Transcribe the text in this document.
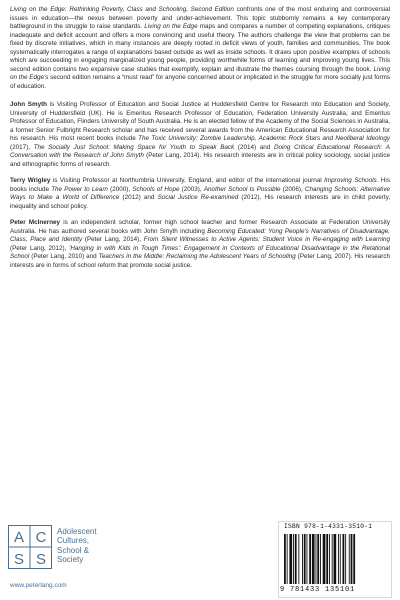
Living on the Edge: Rethinking Poverty, Class and Schooling, Second Edition confronts one of the most enduring and controversial issues in education—the nexus between poverty and under-achievement. This topic stubbornly remains a key contemporary battleground in the struggle to raise standards. Living on the Edge maps and compares a number of competing explanations, critiques inadequate and deficit account and offers a more convincing and useful theory. The authors challenge the view that problems can be fixed by discrete initiatives, which in many instances are deeply rooted in deficit views of youth, families and communities. The book systematically interrogates a range of explanations based outside as well as inside schools. It draws upon positive examples of schools which are succeeding in engaging marginalized young people, providing worthwhile forms of learning and improving young lives. This second edition contains two expansive case studies that exemplify, explain and illustrate the themes coursing through the book. Living on the Edge's second edition remains a “must read” for anyone concerned about or implicated in the struggle for more socially just forms of education.

John Smyth is Visiting Professor of Education and Social Justice at Huddersfield Centre for Research into Education and Society, University of Huddersfield (UK). He is Emeritus Research Professor of Education, Federation University Australia, and Emeritus Professor of Education, Flinders University of South Australia. He is an elected fellow of the Academy of the Social Sciences in Australia, a former Senior Fulbright Research scholar and has received several awards from the American Educational Research Association for his research. His most recent books include The Toxic University: Zombie Leadership, Academic Rock Stars and Neoliberal Ideology (2017), The Socially Just School: Making Space for Youth to Speak Back (2014) and Doing Critical Educational Research: A Conversation with the Research of John Smyth (Peter Lang, 2014). His research interests are in critical policy sociology, social justice and ethnographic forms of research.

Terry Wrigley is Visiting Professor at Northumbria University, England, and editor of the international journal Improving Schools. His books include The Power to Learn (2000), Schools of Hope (2003), Another School Is Possible (2006), Changing Schools: Alternative Ways to Make a World of Difference (2012) and Social Justice Re-examined (2012). His research interests are in child poverty, inequality and school policy.

Peter McInerney is an independent scholar, former high school teacher and former Research Associate at Federation University Australia. He has authored several books with John Smyth including Becoming Educated: Yong People's Narratives of Disadvantage, Class, Place and Identity (Peter Lang, 2014), From Silent Witnesses to Active Agents: Student Voice in Re-engaging with Learning (Peter Lang, 2012), 'Hanging in with Kids in Tough Times': Engagement in Contexts of Educational Disadvantage in the Relational School (Peter Lang, 2010) and Teachers in the Middle: Reclaiming the Adolescent Years of Schooling (Peter Lang, 2007). His research interests are in forms of school reform that promote social justice.

A C
S S
Adolescent
Cultures,
School &
Society
www.peterlang.com
ISBN 978-1-4331-3510-1
9 781433 135101
